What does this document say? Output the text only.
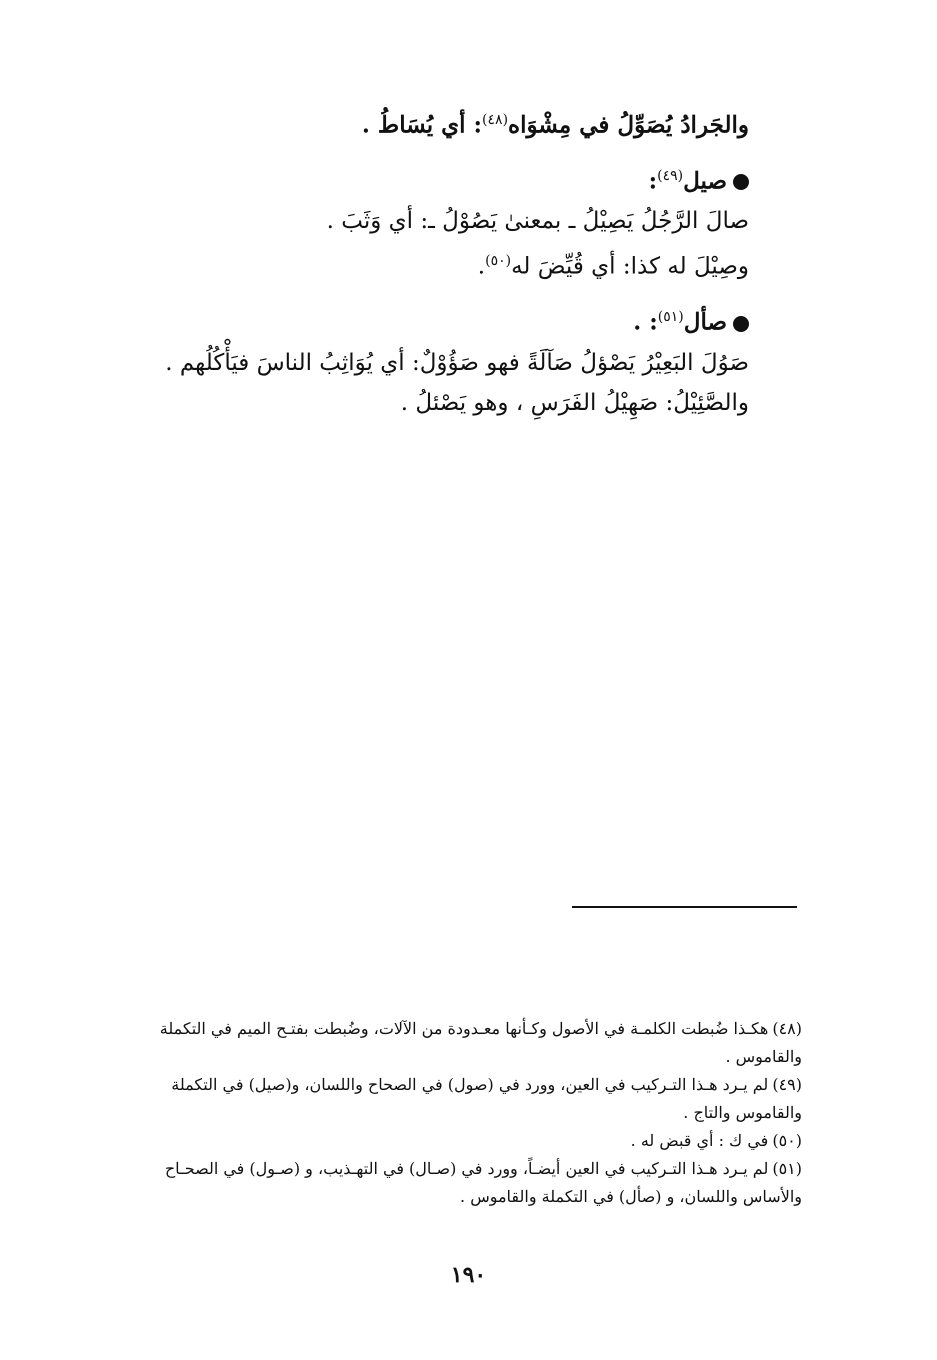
والجَرادُ يُصَوِّلُ في مِشْوَاه$^{(٤٨)}$: أي يُسَاطُ .
صيل$^{(٤٩)}$:
صالَ الرَّجُلُ يَصِيْلُ ـ بمعنىٰ يَصُوْلُ ـ: أي وَثَبَ .
وصِيْلَ له كذا: أي قُيِّضَ له$^{(٥٠)}$.
صأل$^{(٥١)}$: .
صَوُلَ البَعِيْرُ يَصْؤلُ صَآلَةً فهو صَؤُوْلٌ: أي يُوَاثِبُ الناسَ فيَأْكُلُهم .
والصَّئِيْلُ: صَهِيْلُ الفَرَسِ ، وهو يَصْئلُ .
(٤٨)هكـذا ضُبطت الكلمـة في الأصول وكـأنها معـدودة من الآلات، وضُبطت بفتـح الميم في التكملة
والقاموس .
(٤٩)لم يـرد هـذا التـركيب في العين، وورد في (صول) في الصحاح واللسان، و(صيل) في التكملة
والقاموس والتاج .
(٥٠)في ك : أي قبض له .
(٥١)لم يـرد هـذا التـركيب في العين أيضـاً، وورد في (صـال) في التهـذيب، و (صـول) في الصحـاح
والأساس واللسان، و (صأل) في التكملة والقاموس .
١٩٠
